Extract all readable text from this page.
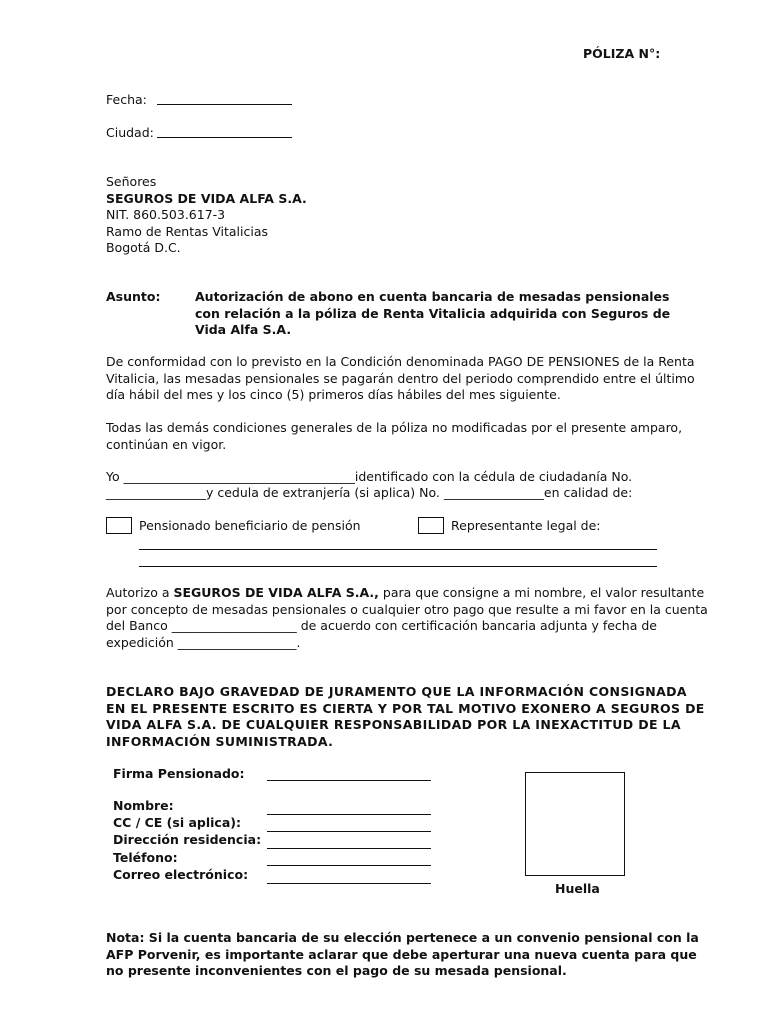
PÓLIZA N°:
Fecha:
Ciudad:
Señores
SEGUROS DE VIDA ALFA S.A.
NIT. 860.503.617-3
Ramo de Rentas Vitalicias
Bogotá D.C.
Asunto:	Autorización de abono en cuenta bancaria de mesadas pensionales
con relación a la póliza de Renta Vitalicia adquirida con Seguros de
Vida Alfa S.A.
De conformidad con lo previsto en la Condición denominada PAGO DE PENSIONES de la Renta
Vitalicia, las mesadas pensionales se pagarán dentro del periodo comprendido entre el último
día hábil del mes y los cinco (5) primeros días hábiles del mes siguiente.
Todas las demás condiciones generales de la póliza no modificadas por el presente amparo,
continúan en vigor.
Yo _____________________________________identificado con la cédula de ciudadanía No.
________________y cedula de extranjería (si aplica) No. ________________en calidad de:
Pensionado beneficiario de pensión	Representante legal de:
Autorizo a SEGUROS DE VIDA ALFA S.A., para que consigne a mi nombre, el valor resultante
por concepto de mesadas pensionales o cualquier otro pago que resulte a mi favor en la cuenta
del Banco ____________________ de acuerdo con certificación bancaria adjunta y fecha de
expedición ___________________.
DECLARO BAJO GRAVEDAD DE JURAMENTO QUE LA INFORMACIÓN CONSIGNADA
EN EL PRESENTE ESCRITO ES CIERTA Y POR TAL MOTIVO EXONERO A SEGUROS DE
VIDA ALFA S.A. DE CUALQUIER RESPONSABILIDAD POR LA INEXACTITUD DE LA
INFORMACIÓN SUMINISTRADA.
Firma Pensionado:
Nombre:
CC / CE (si aplica):
Dirección residencia:
Teléfono:
Correo electrónico:
Huella
Nota: Si la cuenta bancaria de su elección pertenece a un convenio pensional con la
AFP Porvenir, es importante aclarar que debe aperturar una nueva cuenta para que
no presente inconvenientes con el pago de su mesada pensional.
